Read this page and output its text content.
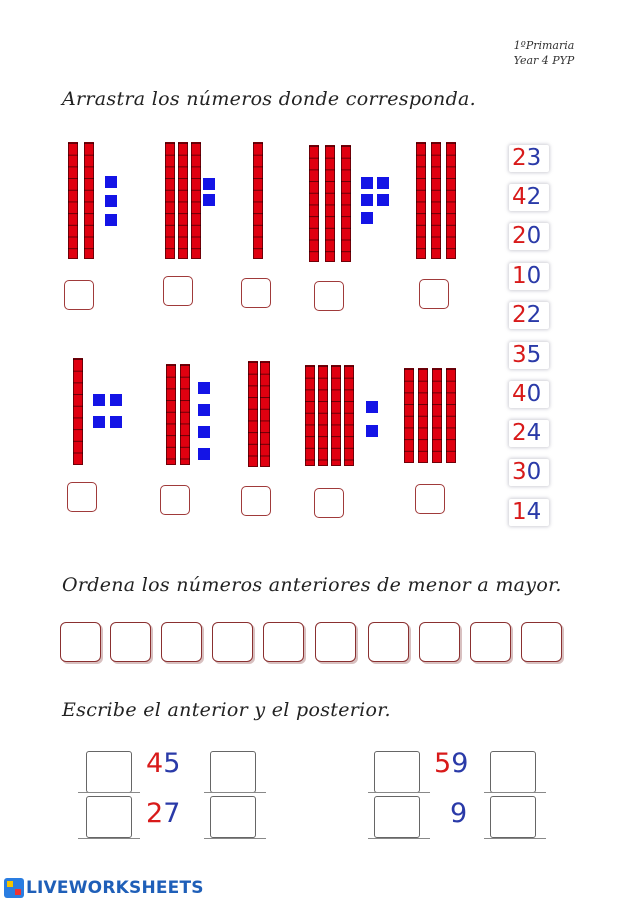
1ºPrimaria
Year 4 PYP
Arrastra los números donde corresponda.
23
42
20
10
22
35
40
24
30
14
Ordena los números anteriores de menor a mayor.
Escribe el anterior y el posterior.
45
27
59
9
LIVEWORKSHEETS
